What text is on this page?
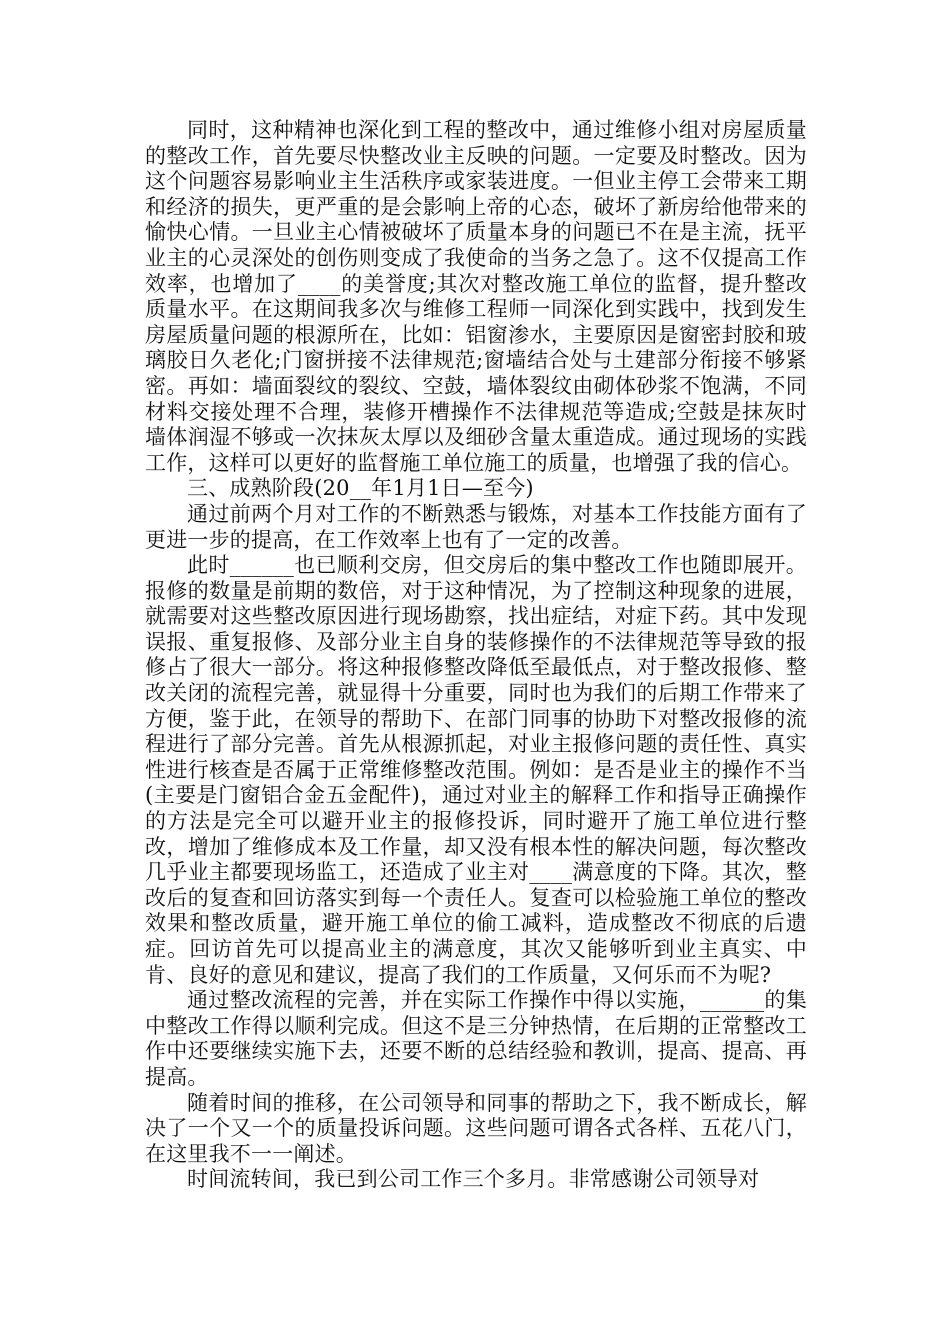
同时，这种精神也深化到工程的整改中，通过维修小组对房屋质量的整改工作，首先要尽快整改业主反映的问题。一定要及时整改。因为这个问题容易影响业主生活秩序或家装进度。一但业主停工会带来工期和经济的损失，更严重的是会影响上帝的心态，破坏了新房给他带来的愉快心情。一旦业主心情被破坏了质量本身的问题已不在是主流，抚平业主的心灵深处的创伤则变成了我使命的当务之急了。这不仅提高工作效率，也增加了____的美誉度;其次对整改施工单位的监督，提升整改质量水平。在这期间我多次与维修工程师一同深化到实践中，找到发生房屋质量问题的根源所在，比如：铝窗渗水，主要原因是窗密封胶和玻璃胶日久老化;门窗拼接不法律规范;窗墙结合处与土建部分衔接不够紧密。再如：墙面裂纹的裂纹、空鼓，墙体裂纹由砌体砂浆不饱满，不同材料交接处理不合理，装修开槽操作不法律规范等造成;空鼓是抹灰时墙体润湿不够或一次抹灰太厚以及细砂含量太重造成。通过现场的实践工作，这样可以更好的监督施工单位施工的质量，也增强了我的信心。

三、成熟阶段(20__年1月1日—至今)

通过前两个月对工作的不断熟悉与锻炼，对基本工作技能方面有了更进一步的提高，在工作效率上也有了一定的改善。

此时______也已顺利交房，但交房后的集中整改工作也随即展开。报修的数量是前期的数倍，对于这种情况，为了控制这种现象的进展，就需要对这些整改原因进行现场勘察，找出症结，对症下药。其中发现误报、重复报修、及部分业主自身的装修操作的不法律规范等导致的报修占了很大一部分。将这种报修整改降低至最低点，对于整改报修、整改关闭的流程完善，就显得十分重要，同时也为我们的后期工作带来了方便，鉴于此，在领导的帮助下、在部门同事的协助下对整改报修的流程进行了部分完善。首先从根源抓起，对业主报修问题的责任性、真实性进行核查是否属于正常维修整改范围。例如：是否是业主的操作不当(主要是门窗铝合金五金配件)，通过对业主的解释工作和指导正确操作的方法是完全可以避开业主的报修投诉，同时避开了施工单位进行整改，增加了维修成本及工作量，却又没有根本性的解决问题，每次整改几乎业主都要现场监工，还造成了业主对____满意度的下降。其次，整改后的复查和回访落实到每一个责任人。复查可以检验施工单位的整改效果和整改质量，避开施工单位的偷工减料，造成整改不彻底的后遗症。回访首先可以提高业主的满意度，其次又能够听到业主真实、中肯、良好的意见和建议，提高了我们的工作质量，又何乐而不为呢?

通过整改流程的完善，并在实际工作操作中得以实施，______的集中整改工作得以顺利完成。但这不是三分钟热情，在后期的正常整改工作中还要继续实施下去，还要不断的总结经验和教训，提高、提高、再提高。

随着时间的推移，在公司领导和同事的帮助之下，我不断成长，解决了一个又一个的质量投诉问题。这些问题可谓各式各样、五花八门，在这里我不一一阐述。

时间流转间，我已到公司工作三个多月。非常感谢公司领导对
